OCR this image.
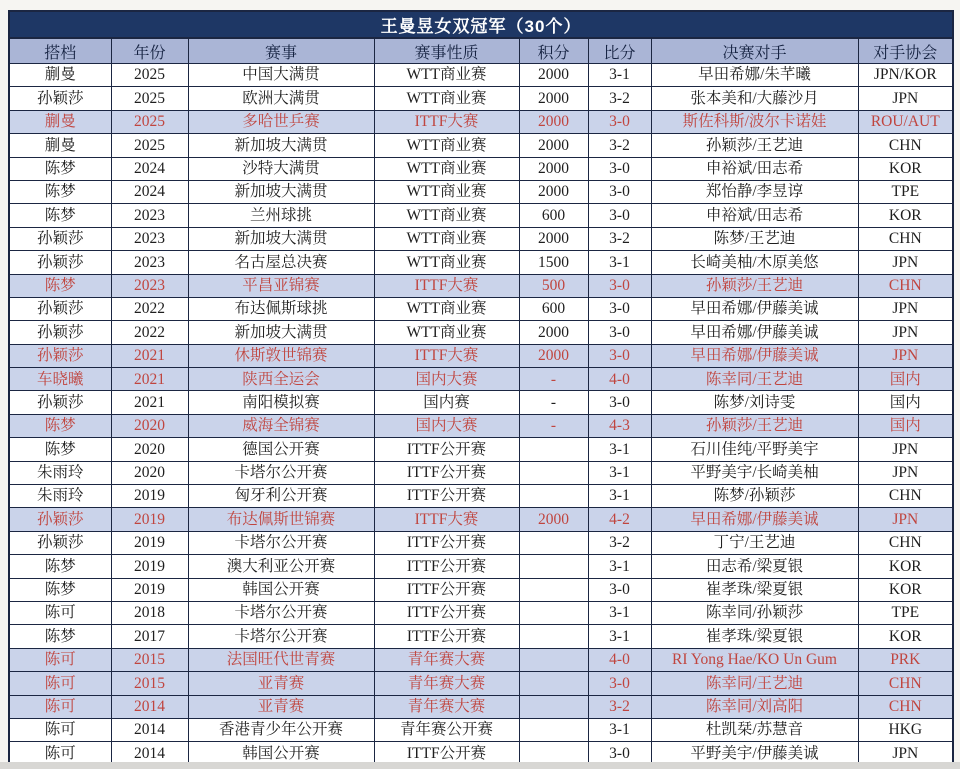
王曼昱女双冠军（30个）							
搭档	年份	赛事	赛事性质	积分	比分	决赛对手	对手协会
蒯曼	2025	中国大满贯	WTT商业赛	2000	3-1	早田希娜/朱芊曦	JPN/KOR
孙颖莎	2025	欧洲大满贯	WTT商业赛	2000	3-2	张本美和/大藤沙月	JPN
蒯曼	2025	多哈世乒赛	ITTF大赛	2000	3-0	斯佐科斯/波尔卡诺娃	ROU/AUT
蒯曼	2025	新加坡大满贯	WTT商业赛	2000	3-2	孙颖莎/王艺迪	CHN
陈梦	2024	沙特大满贯	WTT商业赛	2000	3-0	申裕斌/田志希	KOR
陈梦	2024	新加坡大满贯	WTT商业赛	2000	3-0	郑怡静/李昱谆	TPE
陈梦	2023	兰州球挑	WTT商业赛	600	3-0	申裕斌/田志希	KOR
孙颖莎	2023	新加坡大满贯	WTT商业赛	2000	3-2	陈梦/王艺迪	CHN
孙颖莎	2023	名古屋总决赛	WTT商业赛	1500	3-1	长崎美柚/木原美悠	JPN
陈梦	2023	平昌亚锦赛	ITTF大赛	500	3-0	孙颖莎/王艺迪	CHN
孙颖莎	2022	布达佩斯球挑	WTT商业赛	600	3-0	早田希娜/伊藤美诚	JPN
孙颖莎	2022	新加坡大满贯	WTT商业赛	2000	3-0	早田希娜/伊藤美诚	JPN
孙颖莎	2021	休斯敦世锦赛	ITTF大赛	2000	3-0	早田希娜/伊藤美诚	JPN
车晓曦	2021	陕西全运会	国内大赛	-	4-0	陈幸同/王艺迪	国内
孙颖莎	2021	南阳模拟赛	国内赛	-	3-0	陈梦/刘诗雯	国内
陈梦	2020	威海全锦赛	国内大赛	-	4-3	孙颖莎/王艺迪	国内
陈梦	2020	德国公开赛	ITTF公开赛		3-1	石川佳纯/平野美宇	JPN
朱雨玲	2020	卡塔尔公开赛	ITTF公开赛		3-1	平野美宇/长崎美柚	JPN
朱雨玲	2019	匈牙利公开赛	ITTF公开赛		3-1	陈梦/孙颖莎	CHN
孙颖莎	2019	布达佩斯世锦赛	ITTF大赛	2000	4-2	早田希娜/伊藤美诚	JPN
孙颖莎	2019	卡塔尔公开赛	ITTF公开赛		3-2	丁宁/王艺迪	CHN
陈梦	2019	澳大利亚公开赛	ITTF公开赛		3-1	田志希/梁夏银	KOR
陈梦	2019	韩国公开赛	ITTF公开赛		3-0	崔孝珠/梁夏银	KOR
陈可	2018	卡塔尔公开赛	ITTF公开赛		3-1	陈幸同/孙颖莎	TPE
陈梦	2017	卡塔尔公开赛	ITTF公开赛		3-1	崔孝珠/梁夏银	KOR
陈可	2015	法国旺代世青赛	青年赛大赛		4-0	RI Yong Hae/KO Un Gum	PRK
陈可	2015	亚青赛	青年赛大赛		3-0	陈幸同/王艺迪	CHN
陈可	2014	亚青赛	青年赛大赛		3-2	陈幸同/刘高阳	CHN
陈可	2014	香港青少年公开赛	青年赛公开赛		3-1	杜凯栞/苏慧音	HKG
陈可	2014	韩国公开赛	ITTF公开赛		3-0	平野美宇/伊藤美诚	JPN
